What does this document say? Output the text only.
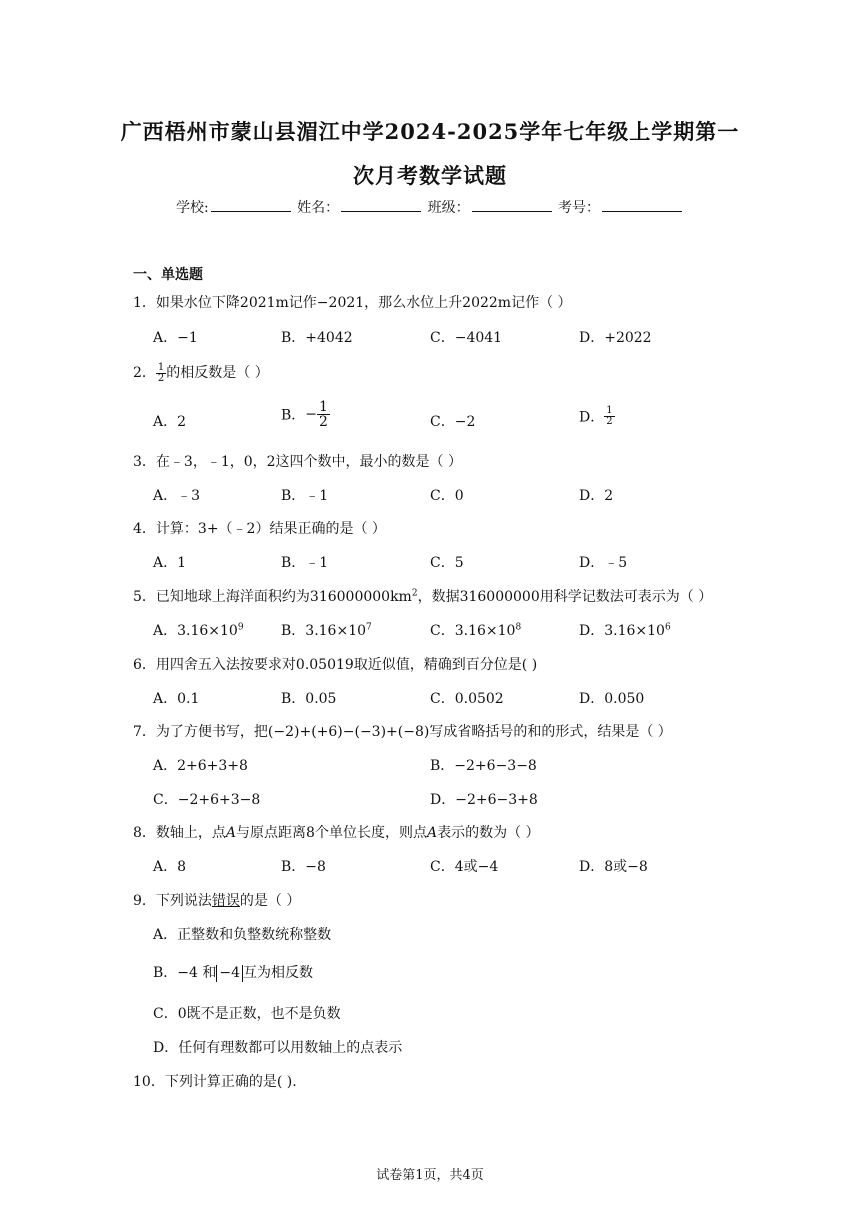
广西梧州市蒙山县湄江中学2024-2025学年七年级上学期第一
次月考数学试题
学校:	姓名：	班级：	考号：
一、单选题
1．如果水位下降2021m记作−2021，那么水位上升2022m记作（ ）
A．−1	B．+4042	C．−4041	D．+2022
2． $\frac{1}{2}$ 的相反数是（ ）
A．2	B．− $\frac{1}{2}$	C．−2	D． $\frac{1}{2}$
3．在﹣3，﹣1，0，2这四个数中，最小的数是（ ）
A．﹣3	B．﹣1	C．0	D．2
4．计算：3+（﹣2）结果正确的是（ ）
A．1	B．﹣1	C．5	D．﹣5
5．已知地球上海洋面积约为$316000000km^2$，数据316000000用科学记数法可表示为（ ）
A．$3.16\times 10^9$	B．$3.16\times 10^7$	C．$3.16\times 10^8$	D．$3.16\times 10^6$
6．用四舍五入法按要求对0.05019取近似值，精确到百分位是( )
A．0.1	B．0.05	C．0.0502	D．0.050
7．为了方便书写，把(−2)+(+6)−(−3)+(−8)写成省略括号的和的形式，结果是（ ）
A．2+6+3+8	B．−2+6−3−8
C．−2+6+3−8	D．−2+6−3+8
8．数轴上，点A与原点距离8个单位长度，则点A表示的数为（ ）
A．8	B．−8	C．4或−4	D．8或−8
9．下列说法错误的是（ ）
A．正整数和负整数统称整数
B．−4 和 −4 互为相反数
C．0既不是正数，也不是负数
D．任何有理数都可以用数轴上的点表示
10．下列计算正确的是( ).
试卷第1页，共4页
